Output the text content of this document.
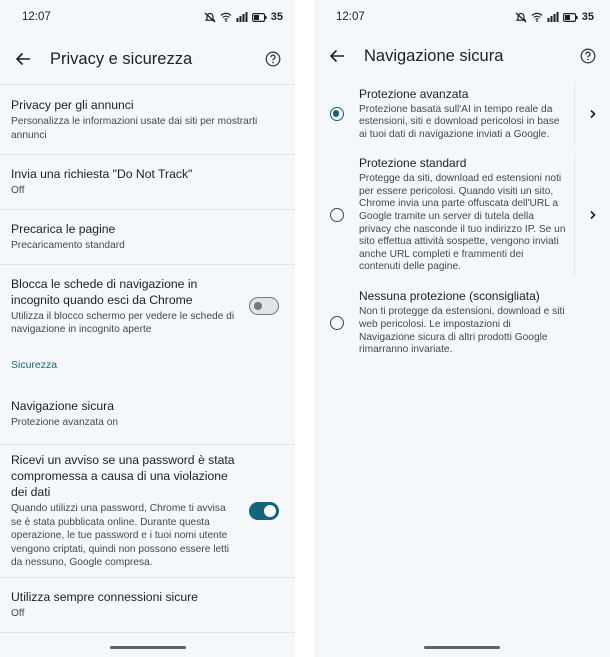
12:07	35
Privacy e sicurezza
Privacy per gli annunci
Personalizza le informazioni usate dai siti per mostrarti annunci
Invia una richiesta "Do Not Track"
Off
Precarica le pagine
Precaricamento standard
Blocca le schede di navigazione in incognito quando esci da Chrome
Utilizza il blocco schermo per vedere le schede di navigazione in incognito aperte
Sicurezza
Navigazione sicura
Protezione avanzata on
Ricevi un avviso se una password è stata compromessa a causa di una violazione dei dati
Quando utilizzi una password, Chrome ti avvisa se è stata pubblicata online. Durante questa operazione, le tue password e i tuoi nomi utente vengono criptati, quindi non possono essere letti da nessuno, Google compresa.
Utilizza sempre connessioni sicure
Off
12:07	35
Navigazione sicura
Protezione avanzata
Protezione basata sull'AI in tempo reale da estensioni, siti e download pericolosi in base ai tuoi dati di navigazione inviati a Google.
Protezione standard
Protegge da siti, download ed estensioni noti per essere pericolosi. Quando visiti un sito, Chrome invia una parte offuscata dell'URL a Google tramite un server di tutela della privacy che nasconde il tuo indirizzo IP. Se un sito effettua attività sospette, vengono inviati anche URL completi e frammenti dei contenuti delle pagine.
Nessuna protezione (sconsigliata)
Non ti protegge da estensioni, download e siti web pericolosi. Le impostazioni di Navigazione sicura di altri prodotti Google rimarranno invariate.
